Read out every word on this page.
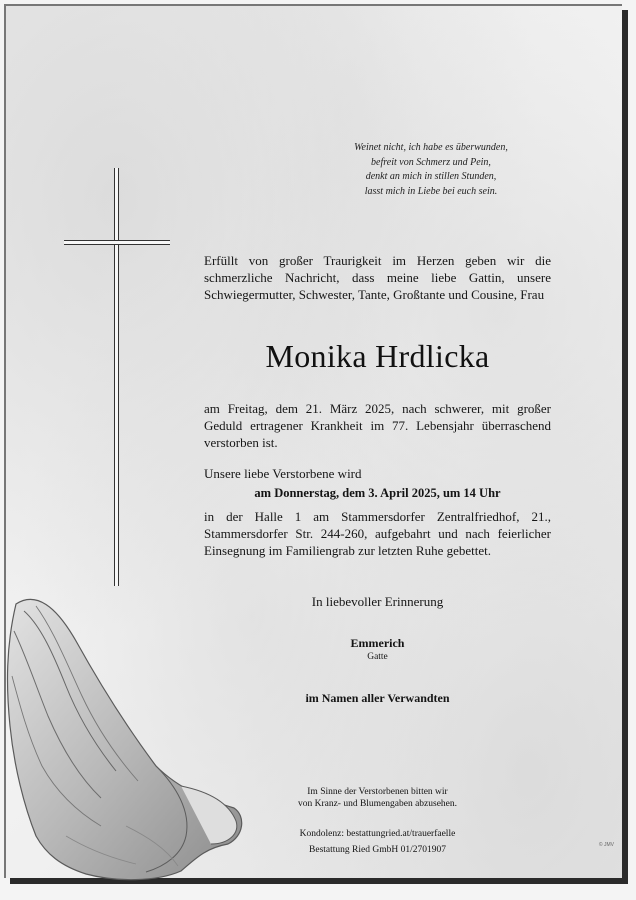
Weinet nicht, ich habe es überwunden,
befreit von Schmerz und Pein,
denkt an mich in stillen Stunden,
lasst mich in Liebe bei euch sein.
Erfüllt von großer Traurigkeit im Herzen geben wir die schmerzliche Nachricht, dass meine liebe Gattin, unsere Schwiegermutter, Schwester, Tante, Großtante und Cousine, Frau
Monika Hrdlicka
am Freitag, dem 21. März 2025, nach schwerer, mit großer Geduld ertragener Krankheit im 77. Lebensjahr überraschend verstorben ist.
Unsere liebe Verstorbene wird
am Donnerstag, dem 3. April 2025, um 14 Uhr
in der Halle 1 am Stammersdorfer Zentralfriedhof, 21., Stammersdorfer Str. 244-260, aufgebahrt und nach feierlicher Einsegnung im Familiengrab zur letzten Ruhe gebettet.
In liebevoller Erinnerung
Emmerich
Gatte
im Namen aller Verwandten
Im Sinne der Verstorbenen bitten wir
von Kranz- und Blumengaben abzusehen.
Kondolenz: bestattungried.at/trauerfaelle
Bestattung Ried GmbH 01/2701907	© JMV
